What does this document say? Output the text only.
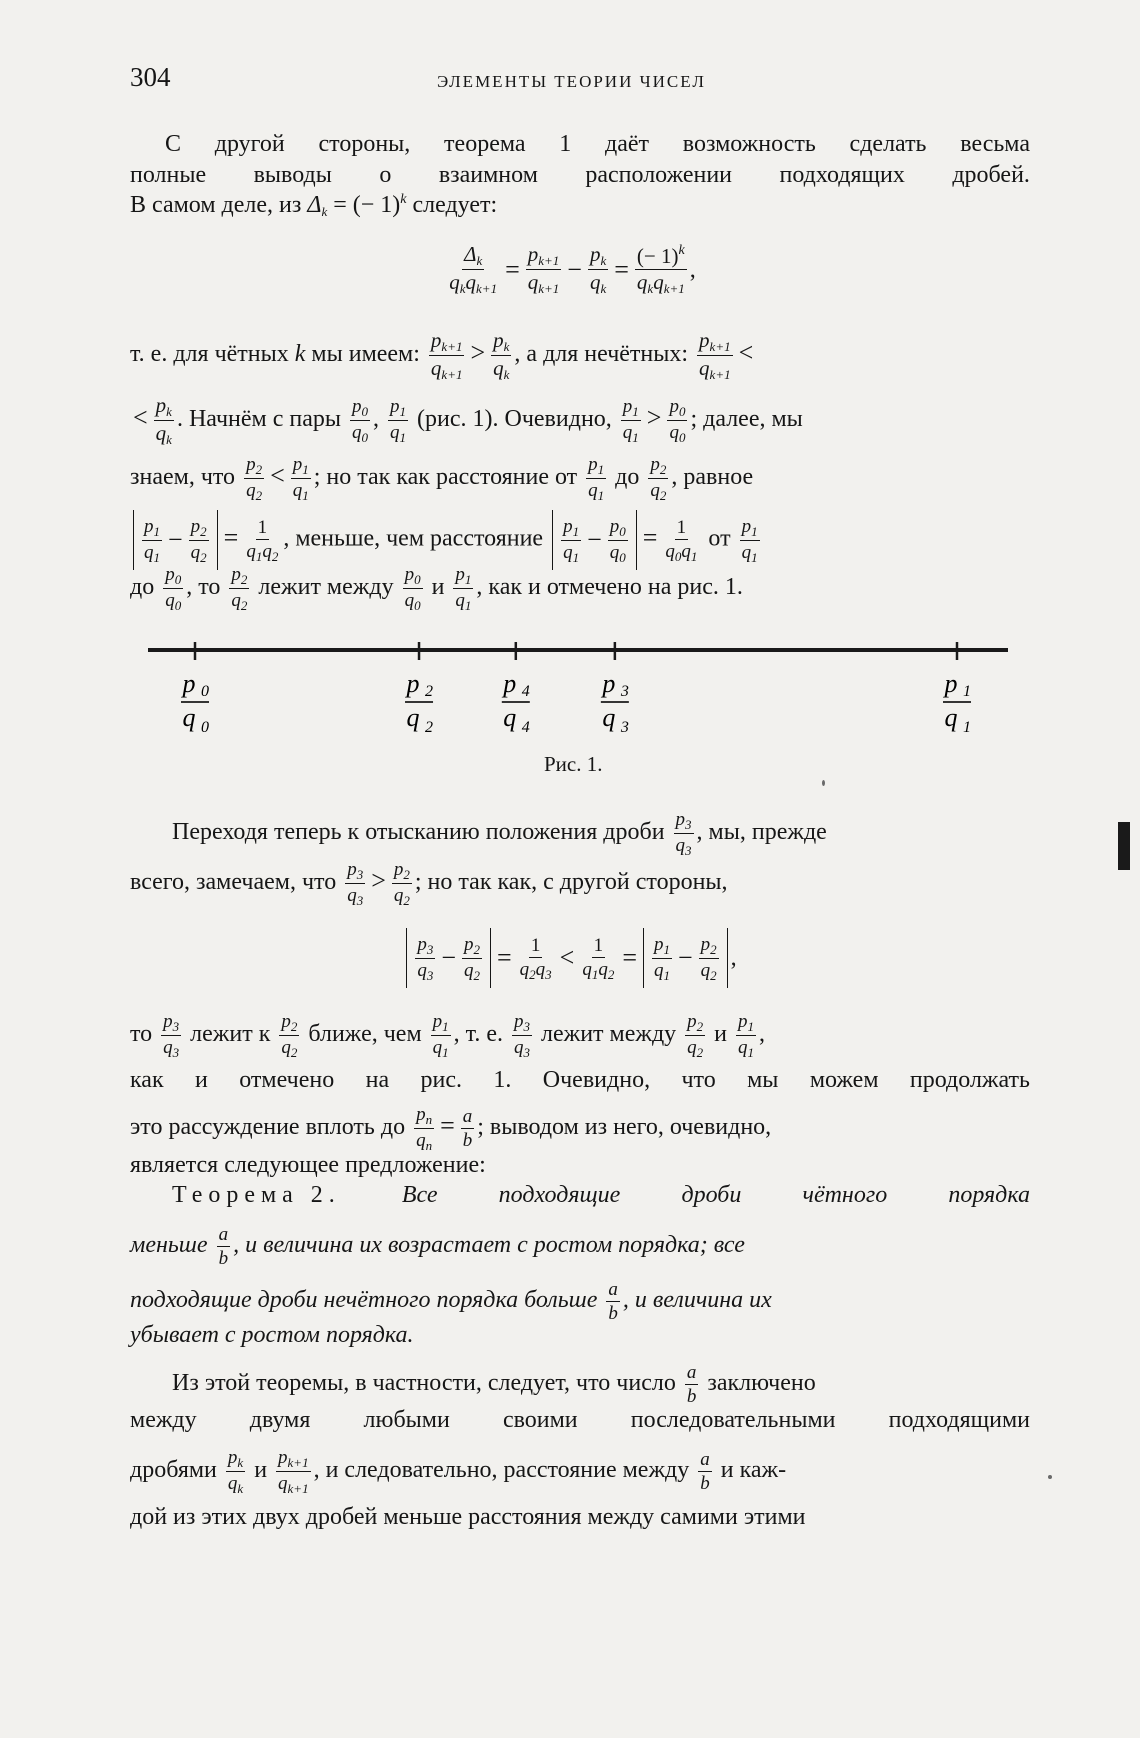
304	ЭЛЕМЕНТЫ ТЕОРИИ ЧИСЕЛ
С другой стороны, теорема 1 даёт возможность сделать весьма
полные выводы о взаимном расположении подходящих дробей.
В самом деле, из $\Delta_k$ = (− 1)$^k$ следует:
$\frac{\Delta_k}{q_kq_{k+1}} = \frac{p_{k+1}}{q_{k+1}} - \frac{p_k}{q_k} = \frac{(- 1)^k}{q_kq_{k+1}}$ ,
т. е. для чётных k мы имеем: $\frac{p_{k+1}}{q_{k+1}} > \frac{p_k}{q_k}$ , а для нечётных: $\frac{p_{k+1}}{q_{k+1}}$ <
< $\frac{p_k}{q_k}$ . Начнём с пары $\frac{p_0}{q_0}$ , $\frac{p_1}{q_1} (рис$. 1). Очевидно, $\frac{p_1}{q_1} > \frac{p_0}{q_0}$ ; далее, мы
знаем, что $\frac{p_2}{q_2} < \frac{p_1}{q_1}$ ; но так как расстояние от $\frac{p_1}{q_1}$ до $\frac{p_2}{q_2}$ , равное
$\frac{p_1}{q_1} - \frac{p_2}{q_2} = \frac{1}{q_1q_2}$ , меньше, чем расстояние $\frac{p_1}{q_1} - \frac{p_0}{q_0} = \frac{1}{q_0q_1}$ от $\frac{p_1}{q_1}$
до $\frac{p_0}{q_0}$ , то $\frac{p_2}{q_2}$ лежит между $\frac{p_0}{q_0}$ и $\frac{p_1}{q_1}$ , как и отмечено на рис. 1.
p 0
q 0
p 2
q 2
p 4
q 4
p 3
q 3
p 1
q 1
Рис. 1.
Переходя теперь к отысканию положения дроби $\frac{p_3}{q_3}$ , мы, прежде
всего, замечаем, что $\frac{p_3}{q_3} > \frac{p_2}{q_2}$ ; но так как, с другой стороны,
$\frac{p_3}{q_3} - \frac{p_2}{q_2} = \frac{1}{q_2q_3} < \frac{1}{q_1q_2} = \frac{p_1}{q_1} - \frac{p_2}{q_2}$ ,
то $\frac{p_3}{q_3}$ лежит к $\frac{p_2}{q_2}$ ближе, чем $\frac{p_1}{q_1}$ , т. е. $\frac{p_3}{q_3}$ лежит между $\frac{p_2}{q_2}$ и $\frac{p_1}{q_1}$ ,
как и отмечено на рис. 1. Очевидно, что мы можем продолжать
это рассуждение вплоть до $\frac{p_n}{q_n} = \frac{a}{b}$ ; выводом из него, очевидно,
является следующее предложение:
Теорема 2.	Все	подходящие	дроби	чётного	порядка
меньше $\frac{a}{b}$ , и величина их возрастает с ростом порядка; все
подходящие дроби нечётного порядка больше $\frac{a}{b}$ , и величина их
убывает с ростом порядка.
Из этой теоремы, в частности, следует, что число $\frac{a}{b}$ заключено
между двумя любыми своими последовательными подходящими
дробями $\frac{p_k}{q_k}$ и $\frac{p_{k+1}}{q_{k+1}}$ , и следовательно, расстояние между $\frac{a}{b}$ и каж-
дой из этих двух дробей меньше расстояния между самими этими
